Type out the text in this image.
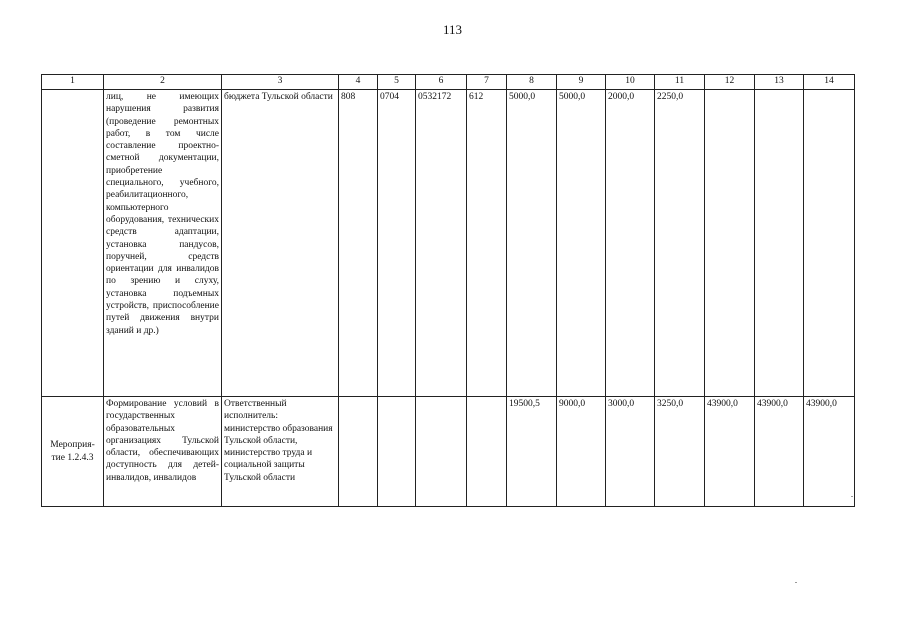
113
1	2	3	4	5	6	7	8	9	10	11	12	13	14
	лиц, не имеющих нарушения развития (проведение ремонтных работ, в том числе составление проектно-сметной документации, приобретение специального, учебного, реабилитационного, компьютерного оборудования, технических средств адаптации, установка пандусов, поручней, средств ориентации для инвалидов по зрению и слуху, установка подъемных устройств, приспособление путей движения внутри зданий и др.)	бюджета Тульской области	808	0704	0532172	612	5000,0	5000,0	2000,0	2250,0			
Мероприя-
тие 1.2.4.3	Формирование условий в государственных образовательных организациях Тульской области, обеспечивающих доступность для детей-инвалидов, инвалидов	Ответственный исполнитель:
министерство образования Тульской области,
министерство труда и социальной защиты Тульской области					19500,5	9000,0	3000,0	3250,0	43900,0	43900,0	43900,0
